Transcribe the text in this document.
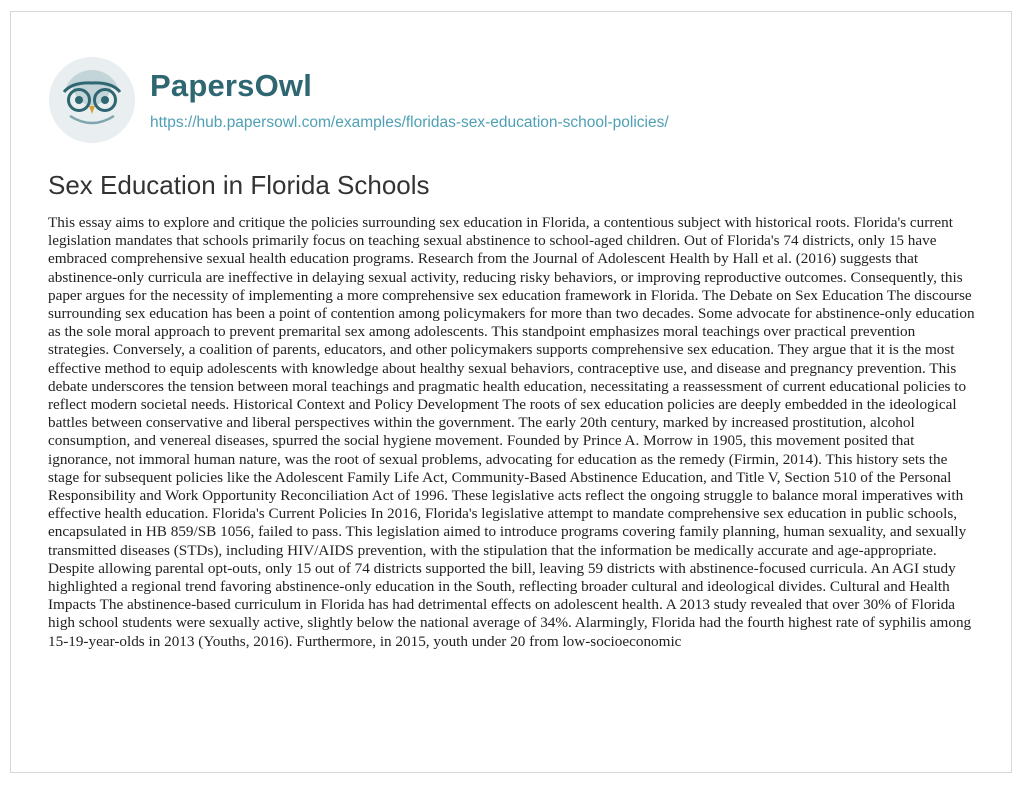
PapersOwl
https://hub.papersowl.com/examples/floridas-sex-education-school-policies/
Sex Education in Florida Schools

This essay aims to explore and critique the policies surrounding sex education in Florida, a contentious subject with historical roots. Florida's current legislation mandates that schools primarily focus on teaching sexual abstinence to school-aged children. Out of Florida's 74 districts, only 15 have embraced comprehensive sexual health education programs. Research from the Journal of Adolescent Health by Hall et al. (2016) suggests that abstinence-only curricula are ineffective in delaying sexual activity, reducing risky behaviors, or improving reproductive outcomes. Consequently, this paper argues for the necessity of implementing a more comprehensive sex education framework in Florida. The Debate on Sex Education The discourse surrounding sex education has been a point of contention among policymakers for more than two decades. Some advocate for abstinence-only education as the sole moral approach to prevent premarital sex among adolescents. This standpoint emphasizes moral teachings over practical prevention strategies. Conversely, a coalition of parents, educators, and other policymakers supports comprehensive sex education. They argue that it is the most effective method to equip adolescents with knowledge about healthy sexual behaviors, contraceptive use, and disease and pregnancy prevention. This debate underscores the tension between moral teachings and pragmatic health education, necessitating a reassessment of current educational policies to reflect modern societal needs. Historical Context and Policy Development The roots of sex education policies are deeply embedded in the ideological battles between conservative and liberal perspectives within the government. The early 20th century, marked by increased prostitution, alcohol consumption, and venereal diseases, spurred the social hygiene movement. Founded by Prince A. Morrow in 1905, this movement posited that ignorance, not immoral human nature, was the root of sexual problems, advocating for education as the remedy (Firmin, 2014). This history sets the stage for subsequent policies like the Adolescent Family Life Act, Community-Based Abstinence Education, and Title V, Section 510 of the Personal Responsibility and Work Opportunity Reconciliation Act of 1996. These legislative acts reflect the ongoing struggle to balance moral imperatives with effective health education. Florida's Current Policies In 2016, Florida's legislative attempt to mandate comprehensive sex education in public schools, encapsulated in HB 859/SB 1056, failed to pass. This legislation aimed to introduce programs covering family planning, human sexuality, and sexually transmitted diseases (STDs), including HIV/AIDS prevention, with the stipulation that the information be medically accurate and age-appropriate. Despite allowing parental opt-outs, only 15 out of 74 districts supported the bill, leaving 59 districts with abstinence-focused curricula. An AGI study highlighted a regional trend favoring abstinence-only education in the South, reflecting broader cultural and ideological divides. Cultural and Health Impacts The abstinence-based curriculum in Florida has had detrimental effects on adolescent health. A 2013 study revealed that over 30% of Florida high school students were sexually active, slightly below the national average of 34%. Alarmingly, Florida had the fourth highest rate of syphilis among 15-19-year-olds in 2013 (Youths, 2016). Furthermore, in 2015, youth under 20 from low-socioeconomic
